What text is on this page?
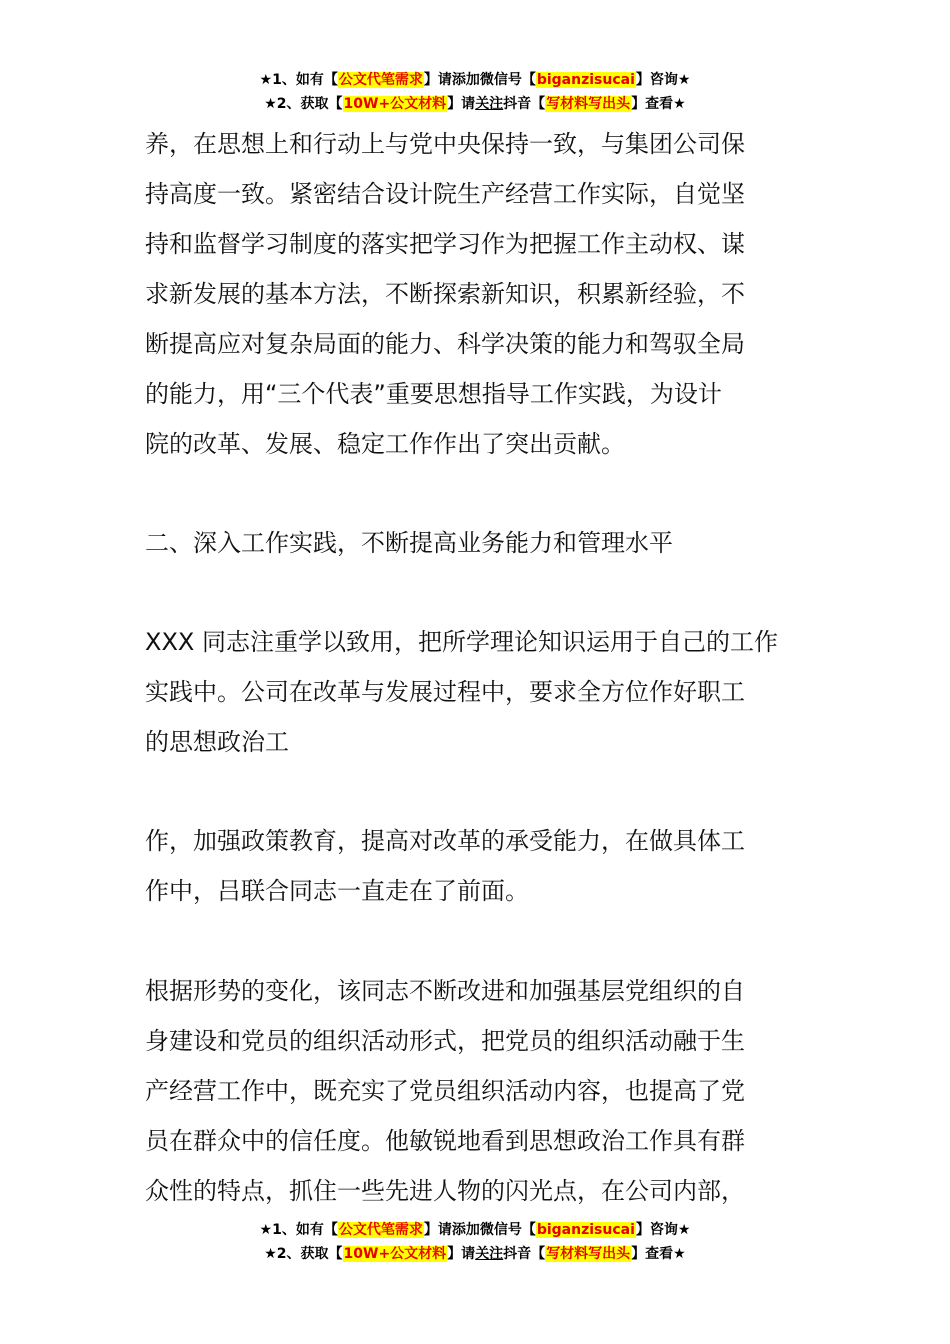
★1、如有【公文代笔需求】请添加微信号【biganzisucai】咨询★
★2、获取【10W+公文材料】请关注抖音【写材料写出头】查看★

养，在思想上和行动上与党中央保持一致，与集团公司保
持高度一致。紧密结合设计院生产经营工作实际，自觉坚
持和监督学习制度的落实把学习作为把握工作主动权、谋
求新发展的基本方法，不断探索新知识，积累新经验，不
断提高应对复杂局面的能力、科学决策的能力和驾驭全局
的能力，用“三个代表”重要思想指导工作实践，为设计
院的改革、发展、稳定工作作出了突出贡献。

二、深入工作实践，不断提高业务能力和管理水平

XXX 同志注重学以致用，把所学理论知识运用于自己的工作
实践中。公司在改革与发展过程中，要求全方位作好职工
的思想政治工

作，加强政策教育，提高对改革的承受能力，在做具体工
作中，吕联合同志一直走在了前面。

根据形势的变化，该同志不断改进和加强基层党组织的自
身建设和党员的组织活动形式，把党员的组织活动融于生
产经营工作中，既充实了党员组织活动内容，也提高了党
员在群众中的信任度。他敏锐地看到思想政治工作具有群
众性的特点，抓住一些先进人物的闪光点，在公司内部，

★1、如有【公文代笔需求】请添加微信号【biganzisucai】咨询★
★2、获取【10W+公文材料】请关注抖音【写材料写出头】查看★
